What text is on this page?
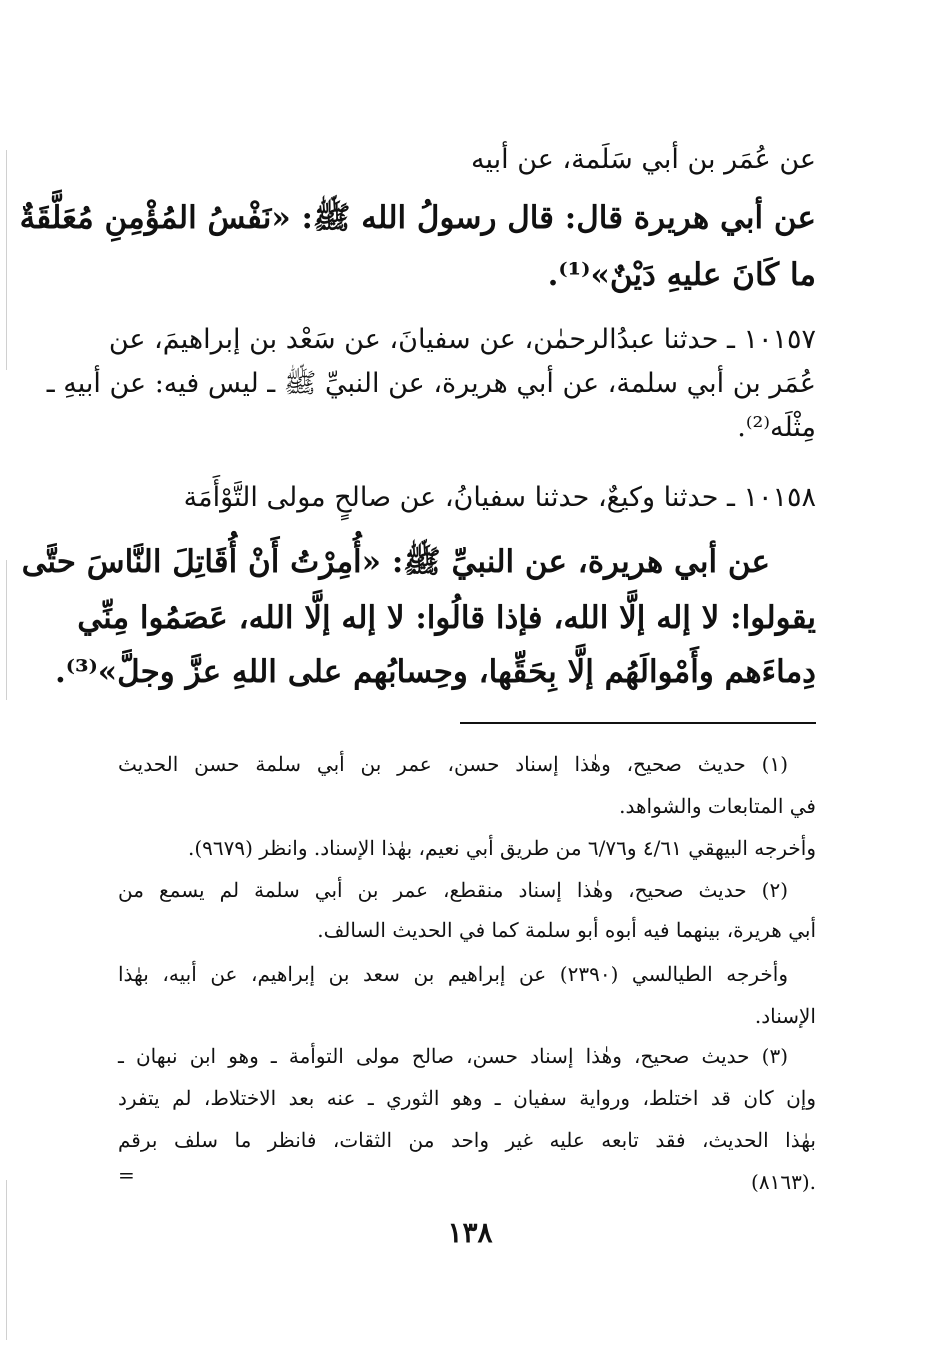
عن عُمَر بن أبي سَلَمة، عن أبيه
عن أبي هريرة قال: قال رسولُ الله ﷺ: «نَفْسُ المُؤْمِنِ مُعَلَّقَةٌ
ما كَانَ عليهِ دَيْنٌ»⁽¹⁾.
١٠١٥٧ ـ حدثنا عبدُالرحمٰن، عن سفيانَ، عن سَعْد بن إبراهيمَ، عن
عُمَر بن أبي سلمة، عن أبي هريرة، عن النبيِّ ﷺ ـ ليس فيه: عن أبيهِ ـ
مِثْلَه⁽²⁾.
١٠١٥٨ ـ حدثنا وكيعٌ، حدثنا سفيانُ، عن صالحٍ مولى التَّوْأَمَة
عن أبي هريرة، عن النبيِّ ﷺ: «أُمِرْتُ أَنْ أُقَاتِلَ النَّاسَ حتَّى
يقولوا: لا إله إلَّا الله، فإذا قالُوا: لا إله إلَّا الله، عَصَمُوا مِنِّي
دِماءَهم وأَمْوالَهُم إلَّا بِحَقِّها، وحِسابُهم على اللهِ عزَّ وجلَّ»⁽³⁾.
(١) حديث صحيح، وهٰذا إسناد حسن، عمر بن أبي سلمة حسن الحديث
في المتابعات والشواهد.
وأخرجه البيهقي ٤/٦١ و٦/٧٦ من طريق أبي نعيم، بهٰذا الإسناد. وانظر (٩٦٧٩).
(٢) حديث صحيح، وهٰذا إسناد منقطع، عمر بن أبي سلمة لم يسمع من
أبي هريرة، بينهما فيه أبوه أبو سلمة كما في الحديث السالف.
وأخرجه الطيالسي (٢٣٩٠) عن إبراهيم بن سعد بن إبراهيم، عن أبيه، بهٰذا
الإسناد.
(٣) حديث صحيح، وهٰذا إسناد حسن، صالح مولى التوأمة ـ وهو ابن نبهان ـ
وإن كان قد اختلط، ورواية سفيان ـ وهو الثوري ـ عنه بعد الاختلاط، لم يتفرد
بهٰذا الحديث، فقد تابعه عليه غير واحد من الثقات، فانظر ما سلف برقم
(٨١٦٣).
=
١٣٨
